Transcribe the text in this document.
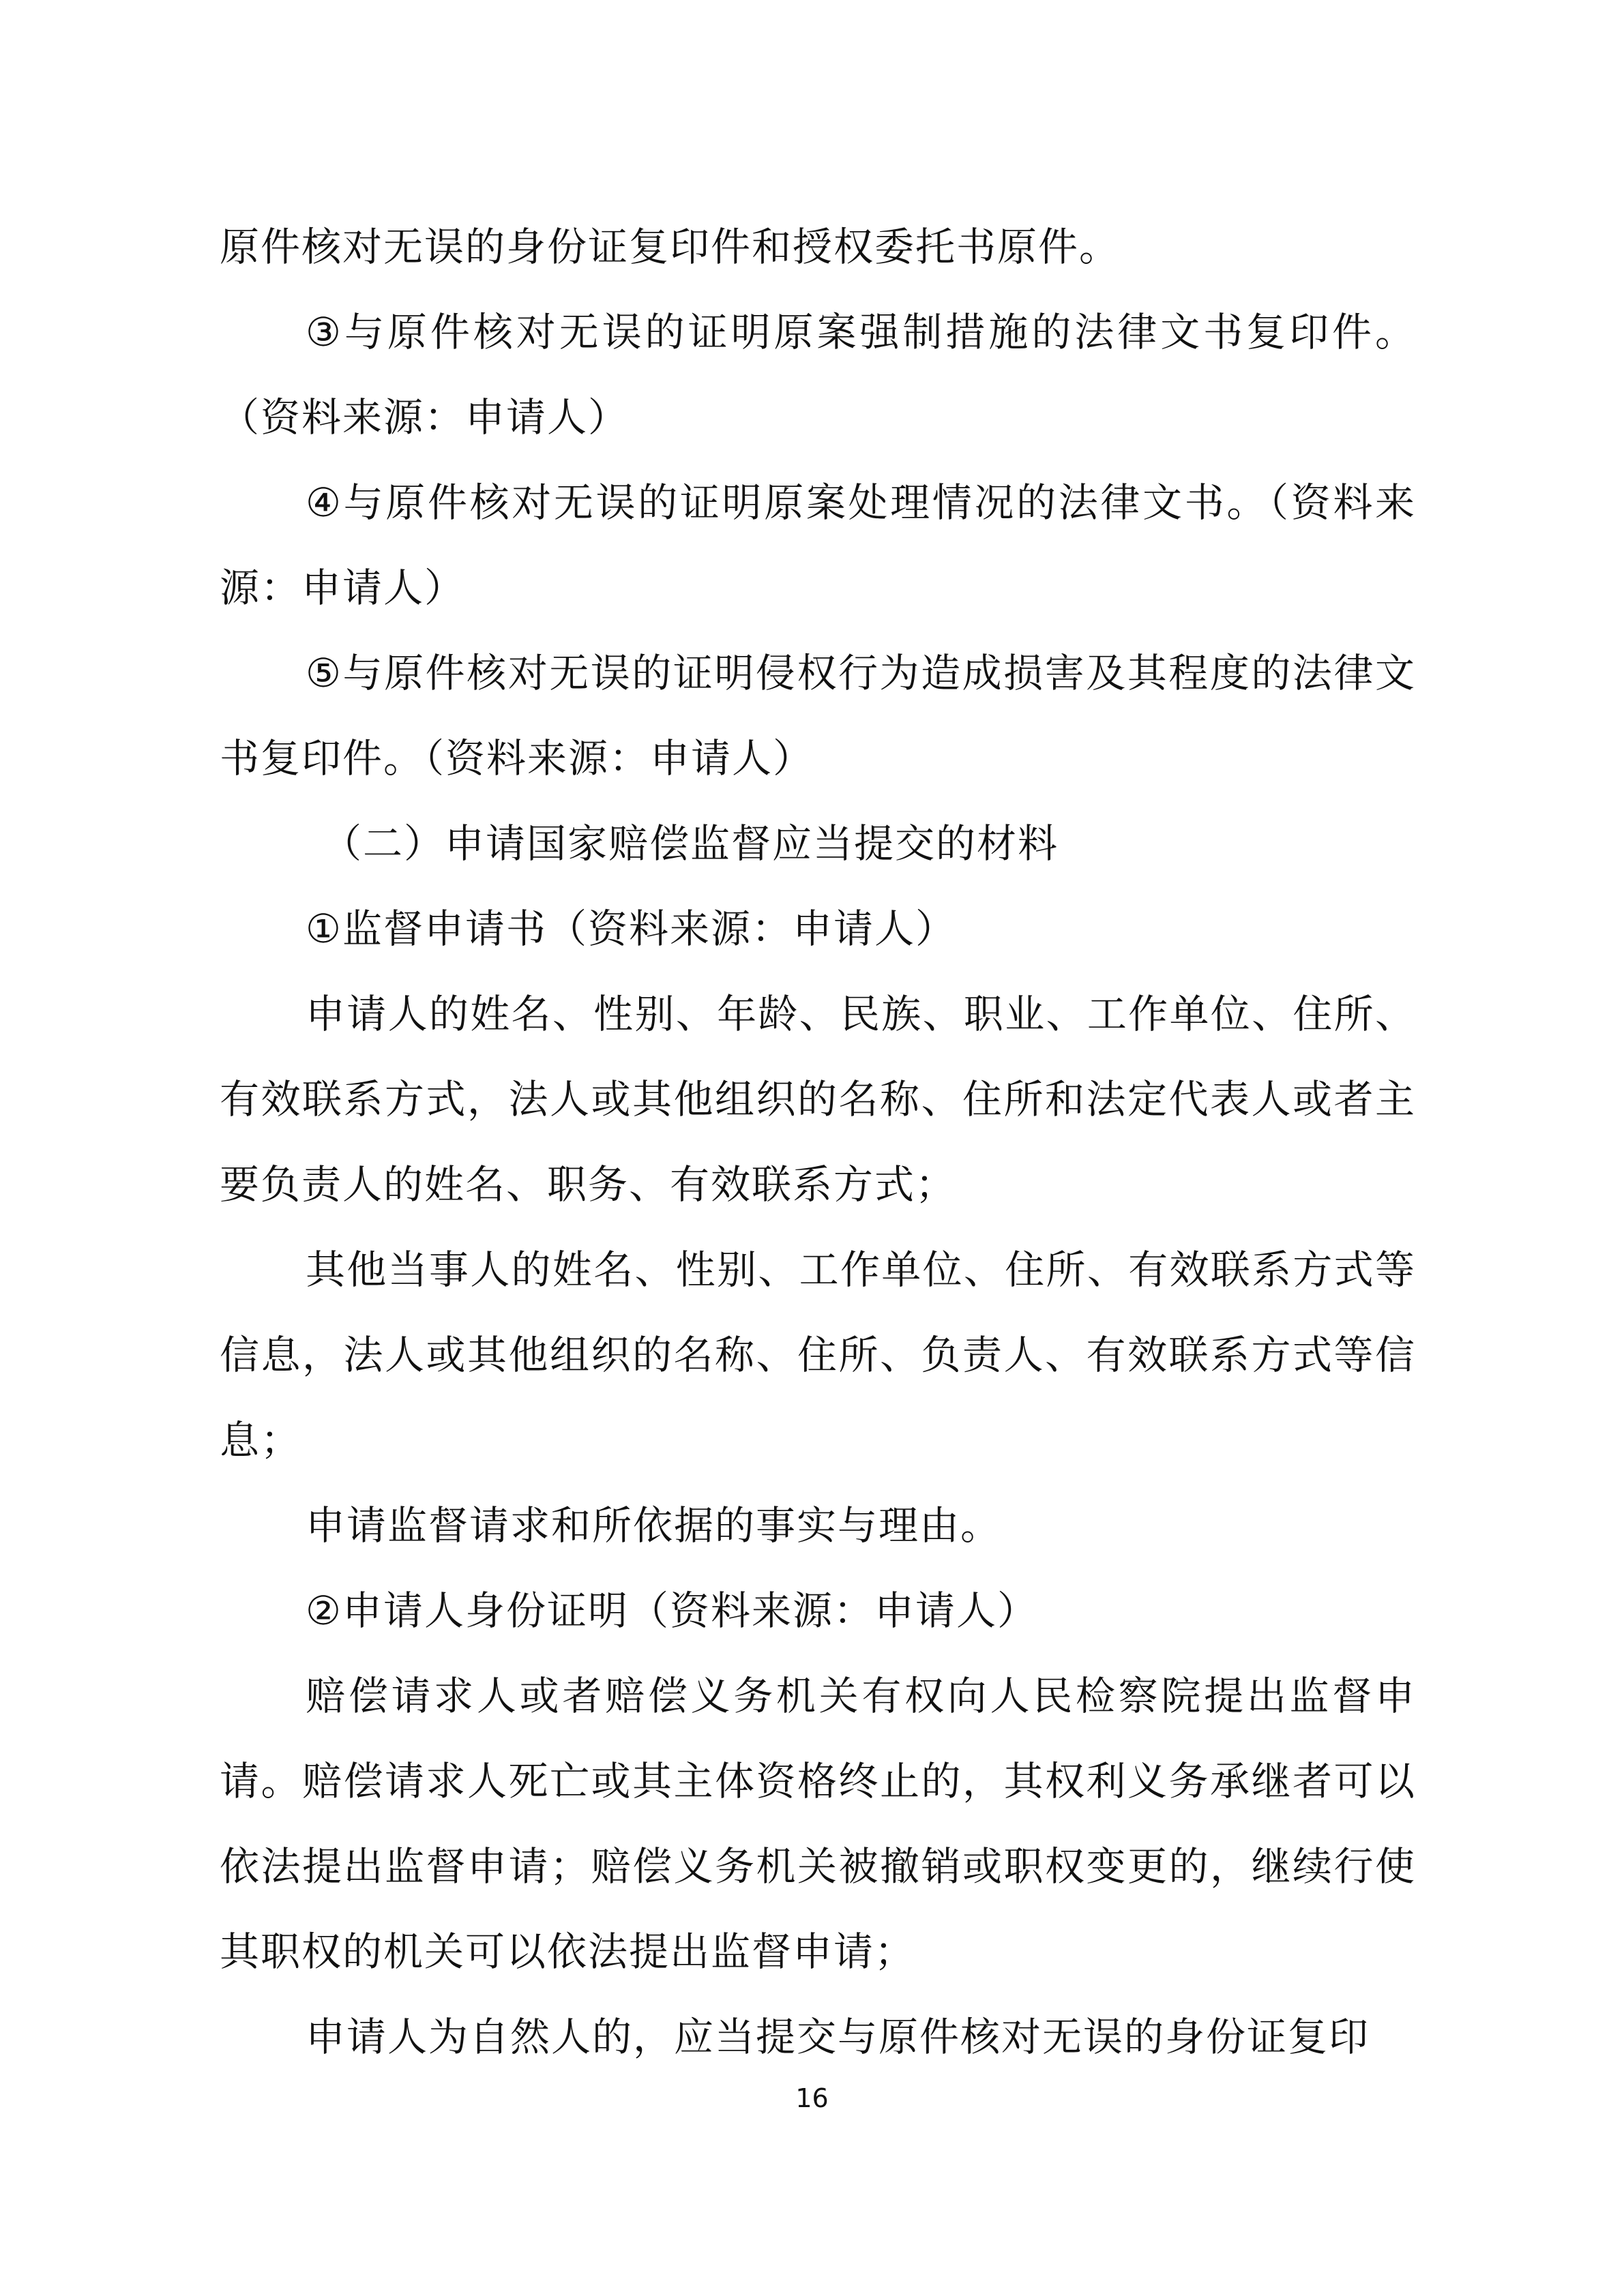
原件核对无误的身份证复印件和授权委托书原件。

③与原件核对无误的证明原案强制措施的法律文书复印件。（资料来源：申请人）

④与原件核对无误的证明原案处理情况的法律文书。（资料来源：申请人）

⑤与原件核对无误的证明侵权行为造成损害及其程度的法律文书复印件。（资料来源：申请人）

（二）申请国家赔偿监督应当提交的材料

①监督申请书（资料来源：申请人）

申请人的姓名、性别、年龄、民族、职业、工作单位、住所、有效联系方式，法人或其他组织的名称、住所和法定代表人或者主要负责人的姓名、职务、有效联系方式；

其他当事人的姓名、性别、工作单位、住所、有效联系方式等信息，法人或其他组织的名称、住所、负责人、有效联系方式等信息；

申请监督请求和所依据的事实与理由。

②申请人身份证明（资料来源：申请人）

赔偿请求人或者赔偿义务机关有权向人民检察院提出监督申请。赔偿请求人死亡或其主体资格终止的，其权利义务承继者可以依法提出监督申请；赔偿义务机关被撤销或职权变更的，继续行使其职权的机关可以依法提出监督申请；

申请人为自然人的，应当提交与原件核对无误的身份证复印

16
